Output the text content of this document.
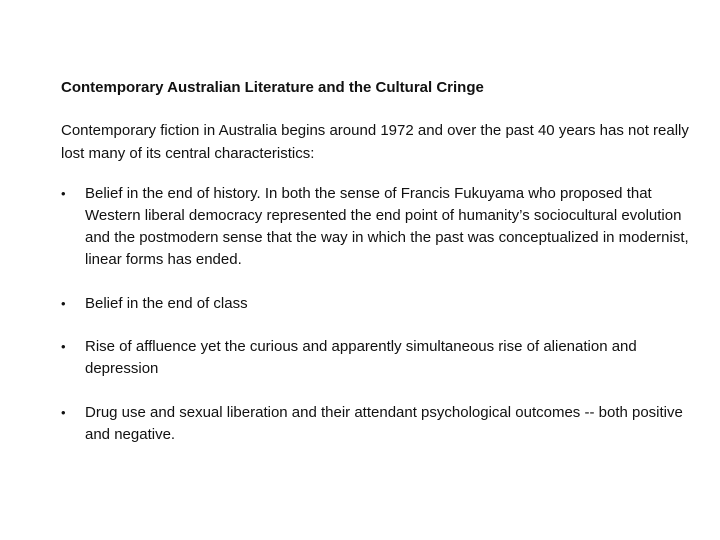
Contemporary Australian Literature and the Cultural Cringe
Contemporary fiction in Australia begins around 1972 and over the past 40 years has not really lost many of its central characteristics:
•	Belief in the end of history. In both the sense of Francis Fukuyama who proposed that Western liberal democracy represented the end point of humanity’s sociocultural evolution and the postmodern sense that the way in which the past was conceptualized in modernist, linear forms has ended.
•	Belief in the end of class
•	Rise of affluence yet the curious and apparently simultaneous rise of alienation and depression
•	Drug use and sexual liberation and their attendant psychological outcomes -- both positive and negative.
